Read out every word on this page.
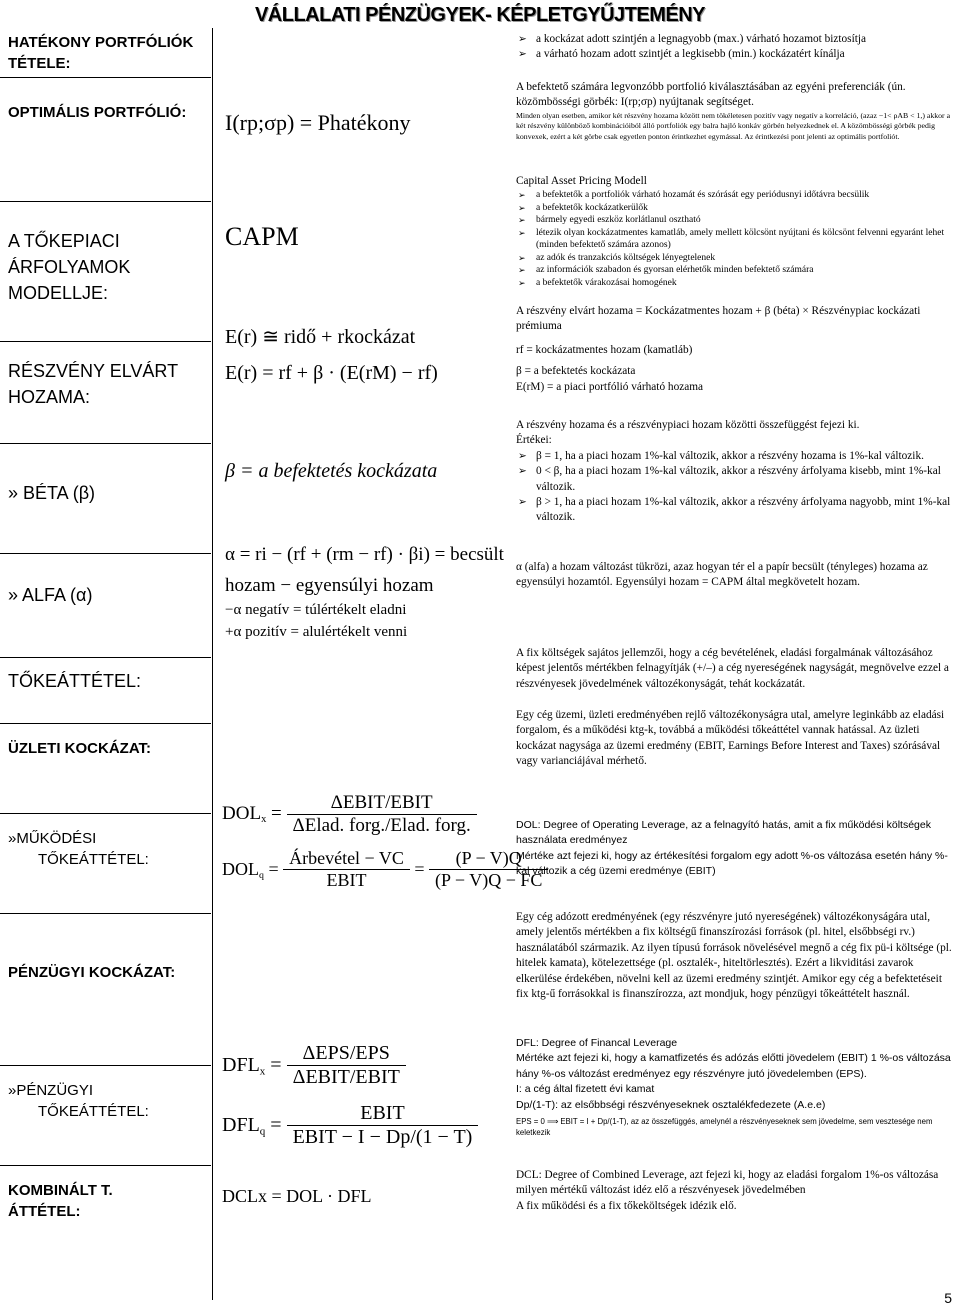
VÁLLALATI PÉNZÜGYEK- KÉPLETGYŰJTEMÉNY
HATÉKONY PORTFÓLIÓK TÉTELE:
OPTIMÁLIS PORTFÓLIÓ:
A TŐKEPIACI ÁRFOLYAMOK MODELLJE:
RÉSZVÉNY ELVÁRT HOZAMA:
» BÉTA (β)
» ALFA (α)
TŐKEÁTTÉTEL:
ÜZLETI KOCKÁZAT:
»MŰKÖDÉSI
TŐKEÁTTÉTEL:
PÉNZÜGYI KOCKÁZAT:
»PÉNZÜGYI
TŐKEÁTTÉTEL:
KOMBINÁLT T.
ÁTTÉTEL:
I(rp;σp) = Phatékony
CAPM
E(r) ≅ ridő + rkockázat
E(r) = rf + β · (E(rM) − rf)
β = a befektetés kockázata
α = ri − (rf + (rm − rf) · βi) = becsült
hozam − egyensúlyi hozam
−α negatív = túlértékelt eladni
+α pozitív = alulértékelt venni
$DOL_x = \frac{\text{ΔEBIT/EBIT}}{\text{ΔElad. forg./Elad. forg.}}$
$DOL_q = \frac{\text{Árbevétel − VC}}{\text{EBIT}} = \frac{(P - V)Q}{(P - V)Q - FC}$
$DFL_x = \frac{\text{ΔEPS/EPS}}{\text{ΔEBIT/EBIT}}$
$DFL_q = \frac{\text{EBIT}}{\text{EBIT − I − Dp/(1 − T)}}$
DCLx = DOL · DFL
➢ a kockázat adott szintjén a legnagyobb (max.) várható hozamot biztosítja
➢ a várható hozam adott szintjét a legkisebb (min.) kockázatért kínálja
A befektető számára legvonzóbb portfolió kiválasztásában az egyéni preferenciák (ún. közömbösségi görbék: I(rp;σp) nyújtanak segítséget.
Minden olyan esetben, amikor két részvény hozama között nem tökéletesen pozitív vagy negatív a korreláció, (azaz −1< ρAB < 1,) akkor a két részvény különböző kombinációiból álló portfoliók egy balra hajló konkáv görbén helyezkednek el. A közömbösségi görbék pedig konvexek, ezért a két görbe csak egyetlen ponton érintkezhet egymással. Az érintkezési pont jelenti az optimális portfoliót.
Capital Asset Pricing Modell
➢ a befektetők a portfoliók várható hozamát és szórását egy periódusnyi időtávra becsülik
➢ a befektetők kockázatkerülők
➢ bármely egyedi eszköz korlátlanul osztható
➢ létezik olyan kockázatmentes kamatláb, amely mellett kölcsönt nyújtani és kölcsönt felvenni egyaránt lehet (minden befektető számára azonos)
➢ az adók és tranzakciós költségek lényegtelenek
➢ az információk szabadon és gyorsan elérhetők minden befektető számára
➢ a befektetők várakozásai homogének
A részvény elvárt hozama = Kockázatmentes hozam + β (béta) × Részvénypiac kockázati prémiuma
rf = kockázatmentes hozam (kamatláb)
β = a befektetés kockázata
E(rM) = a piaci portfólió várható hozama
A részvény hozama és a részvénypiaci hozam közötti összefüggést fejezi ki.
Értékei:
➢ β = 1, ha a piaci hozam 1%-kal változik, akkor a részvény hozama is 1%-kal változik.
➢ 0 < β, ha a piaci hozam 1%-kal változik, akkor a részvény árfolyama kisebb, mint 1%-kal változik.
➢ β > 1, ha a piaci hozam 1%-kal változik, akkor a részvény árfolyama nagyobb, mint 1%-kal változik.
α (alfa) a hozam változást tükrözi, azaz hogyan tér el a papír becsült (tényleges) hozama az egyensúlyi hozamtól. Egyensúlyi hozam = CAPM által megkövetelt hozam.
A fix költségek sajátos jellemzői, hogy a cég bevételének, eladási forgalmának változásához képest jelentős mértékben felnagyítják (+/–) a cég nyereségének nagyságát, megnövelve ezzel a részvényesek jövedelmének változékonyságát, tehát kockázatát.
Egy cég üzemi, üzleti eredményében rejlő változékonyságra utal, amelyre leginkább az eladási forgalom, és a működési ktg-k, továbbá a működési tőkeáttétel vannak hatással. Az üzleti kockázat nagysága az üzemi eredmény (EBIT, Earnings Before Interest and Taxes) szórásával vagy varianciájával mérhető.
DOL: Degree of Operating Leverage, az a felnagyító hatás, amit a fix működési költségek használata eredményez
Mértéke azt fejezi ki, hogy az értékesítési forgalom egy adott %-os változása esetén hány %-kal változik a cég üzemi eredménye (EBIT)
Egy cég adózott eredményének (egy részvényre jutó nyereségének) változékonyságára utal, amely jelentős mértékben a fix költségű finanszírozási források (pl. hitel, elsőbbségi rv.) használatából származik. Az ilyen típusú források növelésével megnő a cég fix pü-i költsége (pl. hitelek kamata), kötelezettsége (pl. osztalék-, hiteltörlesztés). Ezért a likviditási zavarok elkerülése érdekében, növelni kell az üzemi eredmény szintjét. Amikor egy cég a befektetéseit fix ktg-ű forrásokkal is finanszírozza, azt mondjuk, hogy pénzügyi tőkeáttételt használ.
DFL: Degree of Financal Leverage
Mértéke azt fejezi ki, hogy a kamatfizetés és adózás előtti jövedelem (EBIT) 1 %-os változása hány %-os változást eredményez egy részvényre jutó jövedelemben (EPS).
I: a cég által fizetett évi kamat
Dp/(1-T): az elsőbbségi részvényeseknek osztalékfedezete (A.e.e)
EPS = 0 ⟹ EBIT = I + Dp/(1-T), az az összefüggés, amelynél a részvényeseknek sem jövedelme, sem vesztesége nem keletkezik
DCL: Degree of Combined Leverage, azt fejezi ki, hogy az eladási forgalom 1%-os változása milyen mértékű változást idéz elő a részvényesek jövedelmében
A fix működési és a fix tőkeköltségek idézik elő.
5
